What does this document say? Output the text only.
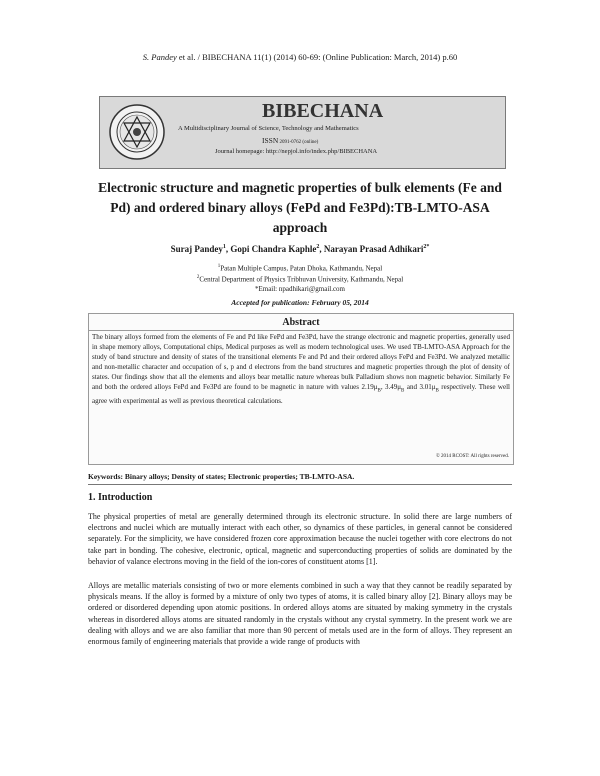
S. Pandey et al. / BIBECHANA 11(1) (2014) 60-69: (Online Publication: March, 2014) p.60
BIBECHANA
A Multidisciplinary Journal of Science, Technology and Mathematics
ISSN 2091-0762 (online)
Journal homepage: http://nepjol.info/index.php/BIBECHANA
Electronic structure and magnetic properties of bulk elements (Fe and
Pd) and ordered binary alloys (FePd and Fe3Pd):TB-LMTO-ASA
approach
Suraj Pandey$^1$, Gopi Chandra Kaphle$^2$, Narayan Prasad Adhikari$^{2*}$
$^1$Patan Multiple Campus, Patan Dhoka, Kathmandu, Nepal
$^2$Central Department of Physics Tribhuvan University, Kathmandu, Nepal
*Email: npadhikari@gmail.com
Accepted for publication: February 05, 2014
Abstract
The binary alloys formed from the elements of Fe and Pd like FePd and Fe3Pd, have the strange electronic and magnetic properties, generally used in shape memory alloys, Computational chips, Medical purposes as well as modern technological uses. We used TB-LMTO-ASA Approach for the study of band structure and density of states of the transitional elements Fe and Pd and their ordered alloys FePd and Fe3Pd. We analyzed metallic and non-metallic character and occupation of s, p and d electrons from the band structures and magnetic properties through the plot of density of states. Our findings show that all the elements and alloys bear metallic nature whereas bulk Palladium shows non magnetic behavior. Similarly Fe and both the ordered alloys FePd and Fe3Pd are found to be magnetic in nature with values $2.19\mu_B$, $3.49\mu_B$ and $3.01\mu_B$ respectively. These well agree with experimental as well as previous theoretical calculations.
© 2014 RCOST: All rights reserved.
Keywords: Binary alloys; Density of states; Electronic properties; TB-LMTO-ASA.
1. Introduction
The physical properties of metal are generally determined through its electronic structure. In solid there are large numbers of electrons and nuclei which are mutually interact with each other, so dynamics of these particles, in general cannot be considered separately. For the simplicity, we have considered frozen core approximation because the nuclei together with core electrons do not take part in bonding. The cohesive, electronic, optical, magnetic and superconducting properties of solids are dominated by the behavior of valance electrons moving in the field of the ion-cores of constituent atoms [1].
Alloys are metallic materials consisting of two or more elements combined in such a way that they cannot be readily separated by physicals means. If the alloy is formed by a mixture of only two types of atoms, it is called binary alloy [2]. Binary alloys may be ordered or disordered depending upon atomic positions. In ordered alloys atoms are situated by making symmetry in the crystals whereas in disordered alloys atoms are situated randomly in the crystals without any crystal symmetry. In the present work we are dealing with alloys and we are also familiar that more than 90 percent of metals used are in the form of alloys. They represent an enormous family of engineering materials that provide a wide range of products with
